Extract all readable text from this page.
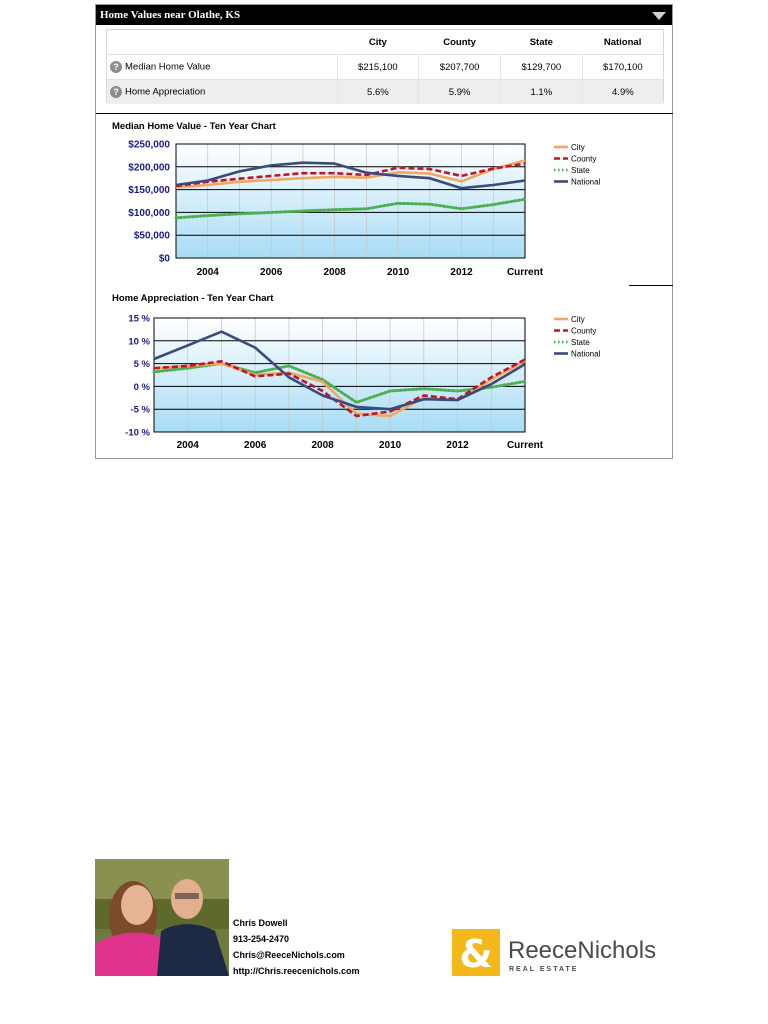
Home Values near Olathe, KS
	City	County	State	National
? Median Home Value	$215,100	$207,700	$129,700	$170,100
? Home Appreciation	5.6%	5.9%	1.1%	4.9%
Median Home Value - Ten Year Chart
Home Appreciation - Ten Year Chart
$0
$50,000
$100,000
$150,000
$200,000
$250,000
2004	2006	2008	2010	2012	Current
City
County
State
National
-10 %
-5 %
0 %
5 %
10 %
15 %
2004	2006	2008	2010	2012	Current
City
County
State
National
Chris Dowell
913-254-2470
Chris@ReeceNichols.com
http://Chris.reecenichols.com	& ReeceNichols
REAL ESTATE
